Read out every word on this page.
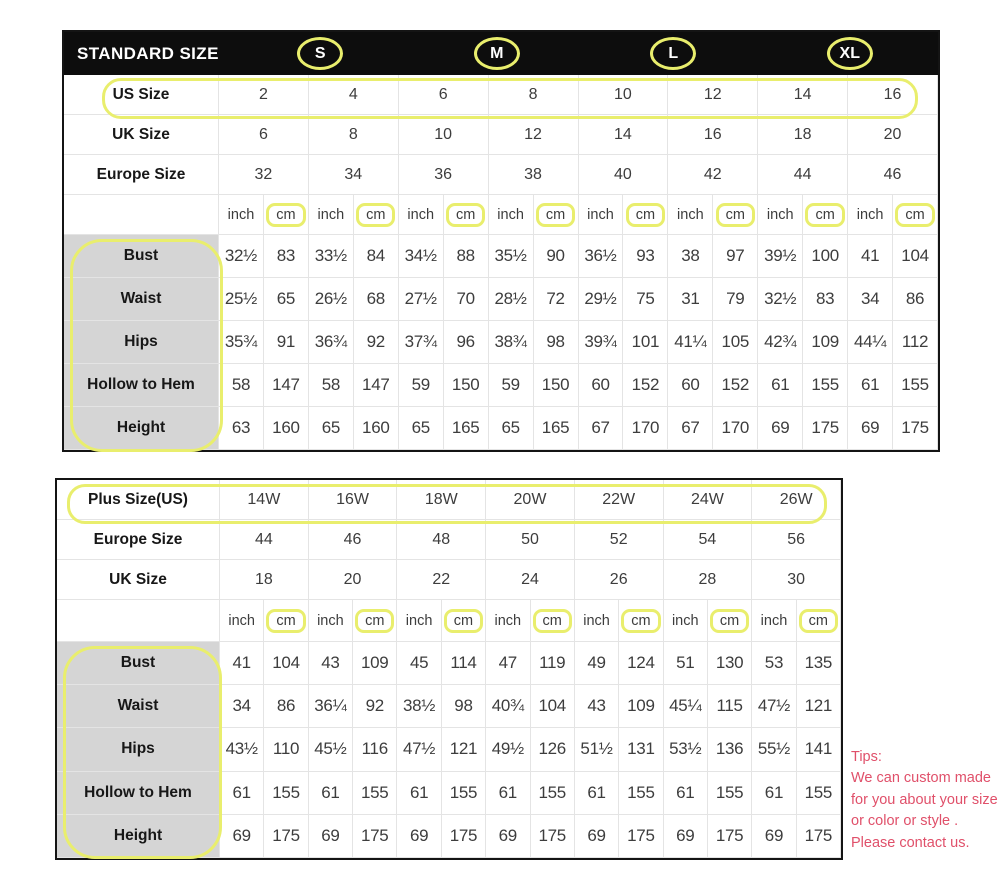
STANDARD SIZE	S	M	L	XL
US Size	2	4	6	8	10	12	14	16
UK Size	6	8	10	12	14	16	18	20
Europe Size	32	34	36	38	40	42	44	46
inch	cm	inch	cm	inch	cm	inch	cm	inch	cm	inch	cm	inch	cm	inch	cm
Bust	32½	83	33½	84	34½	88	35½	90	36½	93	38	97	39½ 100	41	104
Waist	25½	65	26½	68	27½	70	28½	72	29½	75	31	79	32½	83	34	86
Hips	35¾	91	36¾	92	37¾	96	38¾	98	39¾ 101 41¼ 105 42¾ 109 44¼ 112
Hollow to Hem	58	147	58	147	59	150	59	150	60	152	60	152	61	155	61	155
Height	63	160	65	160	65	165	65	165	67	170	67	170	69	175	69	175
Plus Size(US)	14W	16W	18W	20W	22W	24W	26W
Europe Size	44	46	48	50	52	54	56
UK Size	18	20	22	24	26	28	30
inch	cm	inch	cm	inch	cm	inch	cm	inch	cm	inch	cm	inch	cm
Bust	41	104	43	109	45	114	47	119	49	124	51	130	53	135
Waist	34	86	36¼	92	38½	98	40¾ 104	43	109 45¼ 115 47½ 121
Hips	43½ 110 45½ 116 47½ 121 49½ 126 51½ 131 53½ 136 55½ 141
Hollow to Hem	61	155	61	155	61	155	61	155	61	155	61	155	61	155
Height	69	175	69	175	69	175	69	175	69	175	69	175	69	175
Tips:
We can custom made
for you about your size
or color or style .
Please contact us.
